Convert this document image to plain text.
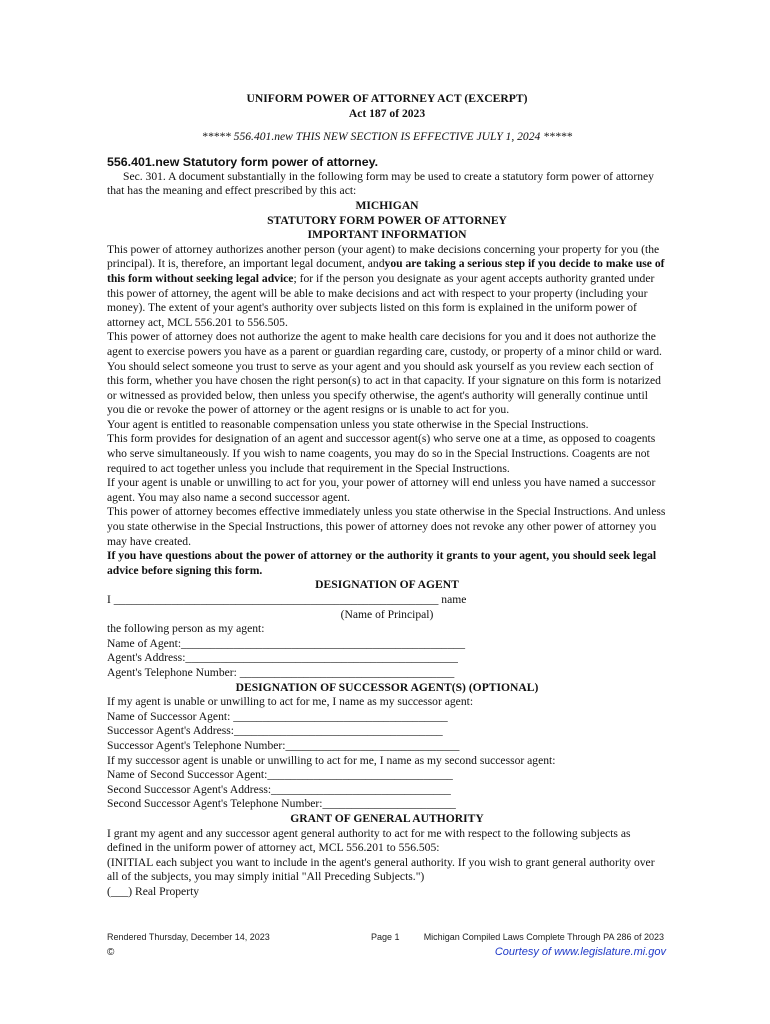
UNIFORM POWER OF ATTORNEY ACT (EXCERPT)
Act 187 of 2023
***** 556.401.new THIS NEW SECTION IS EFFECTIVE JULY 1, 2024 *****
556.401.new Statutory form power of attorney.

Sec. 301. A document substantially in the following form may be used to create a statutory form power of attorney that has the meaning and effect prescribed by this act:

MICHIGAN
STATUTORY FORM POWER OF ATTORNEY
IMPORTANT INFORMATION

This power of attorney authorizes another person (your agent) to make decisions concerning your property for you (the principal). It is, therefore, an important legal document, andyou are taking a serious step if you decide to make use of this form without seeking legal advice; for if the person you designate as your agent accepts authority granted under this power of attorney, the agent will be able to make decisions and act with respect to your property (including your money). The extent of your agent's authority over subjects listed on this form is explained in the uniform power of attorney act, MCL 556.201 to 556.505.

This power of attorney does not authorize the agent to make health care decisions for you and it does not authorize the agent to exercise powers you have as a parent or guardian regarding care, custody, or property of a minor child or ward.

You should select someone you trust to serve as your agent and you should ask yourself as you review each section of this form, whether you have chosen the right person(s) to act in that capacity. If your signature on this form is notarized or witnessed as provided below, then unless you specify otherwise, the agent's authority will generally continue until you die or revoke the power of attorney or the agent resigns or is unable to act for you.

Your agent is entitled to reasonable compensation unless you state otherwise in the Special Instructions.

This form provides for designation of an agent and successor agent(s) who serve one at a time, as opposed to coagents who serve simultaneously. If you wish to name coagents, you may do so in the Special Instructions. Coagents are not required to act together unless you include that requirement in the Special Instructions.

If your agent is unable or unwilling to act for you, your power of attorney will end unless you have named a successor agent. You may also name a second successor agent.

This power of attorney becomes effective immediately unless you state otherwise in the Special Instructions. And unless you state otherwise in the Special Instructions, this power of attorney does not revoke any other power of attorney you may have created.

If you have questions about the power of attorney or the authority it grants to your agent, you should seek legal advice before signing this form.

DESIGNATION OF AGENT

I ________________________________________________________ name

(Name of Principal)

the following person as my agent:

Name of Agent:_________________________________________________

Agent's Address:_______________________________________________

Agent's Telephone Number: _____________________________________

DESIGNATION OF SUCCESSOR AGENT(S) (OPTIONAL)

If my agent is unable or unwilling to act for me, I name as my successor agent:

Name of Successor Agent: _____________________________________

Successor Agent's Address:____________________________________

Successor Agent's Telephone Number:______________________________

If my successor agent is unable or unwilling to act for me, I name as my second successor agent:

Name of Second Successor Agent:________________________________

Second Successor Agent's Address:_______________________________

Second Successor Agent's Telephone Number:_______________________

GRANT OF GENERAL AUTHORITY

I grant my agent and any successor agent general authority to act for me with respect to the following subjects as defined in the uniform power of attorney act, MCL 556.201 to 556.505:

(INITIAL each subject you want to include in the agent's general authority. If you wish to grant general authority over all of the subjects, you may simply initial "All Preceding Subjects.")

(___) Real Property

Rendered Thursday, December 14, 2023	Page 1	Michigan Compiled Laws Complete Through PA 286 of 2023
©	Courtesy of www.legislature.mi.gov
